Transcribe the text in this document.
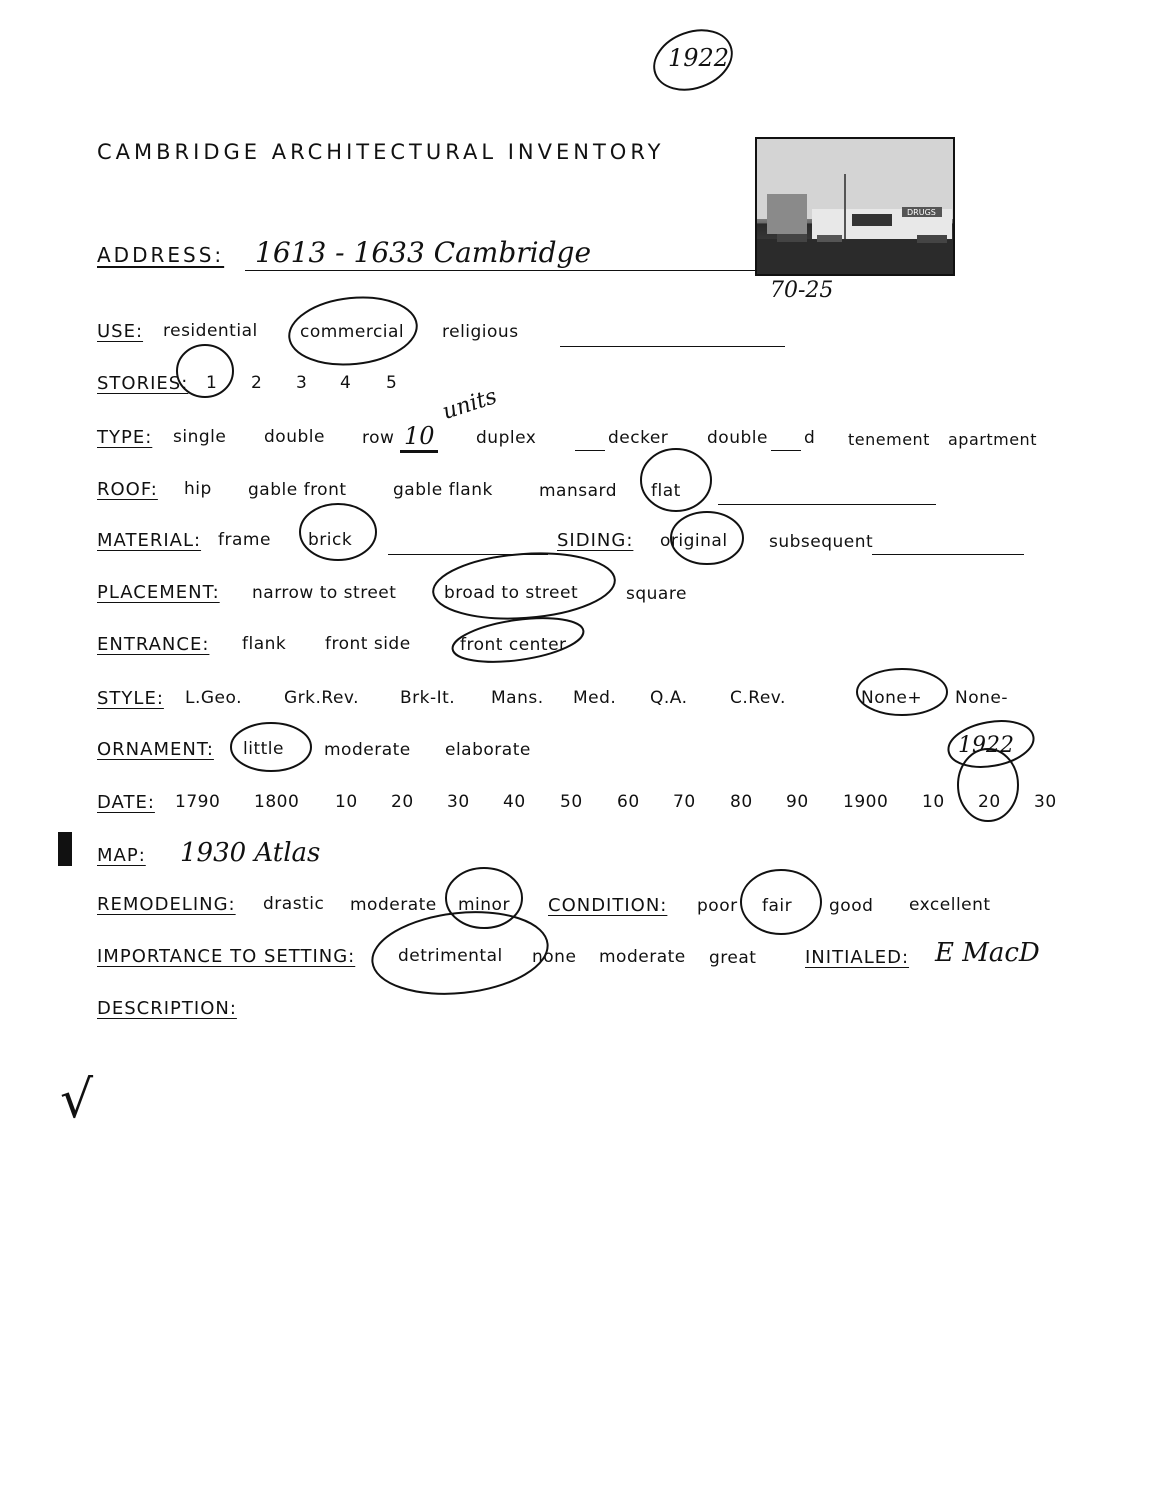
1922
CAMBRIDGE ARCHITECTURAL INVENTORY
DRUGS
70-25
ADDRESS: 1613 - 1633 Cambridge
USE: residential commercial religious
STORIES: 1 2 3 4 5
TYPE: single double row 10
units
duplex	decker double d tenement apartment
ROOF: hip gable front	gable flank	mansard flat
MATERIAL: frame brick	SIDING: original subsequent
PLACEMENT: narrow to street	broad to street	square
ENTRANCE: flank front side	front center
STYLE: L.Geo. Grk.Rev. Brk-It. Mans. Med. Q.A. C.Rev.	None+ None-
ORNAMENT: little moderate elaborate	1922
DATE: 1790 1800 10 20 30 40 50 60 70 80 90 1900 10 20 30
MAP: 1930 Atlas
REMODELING: drastic moderate minor CONDITION: poor fair good excellent
IMPORTANCE TO SETTING:	detrimental none moderate great	INITIALED: E MacD
DESCRIPTION:
√
